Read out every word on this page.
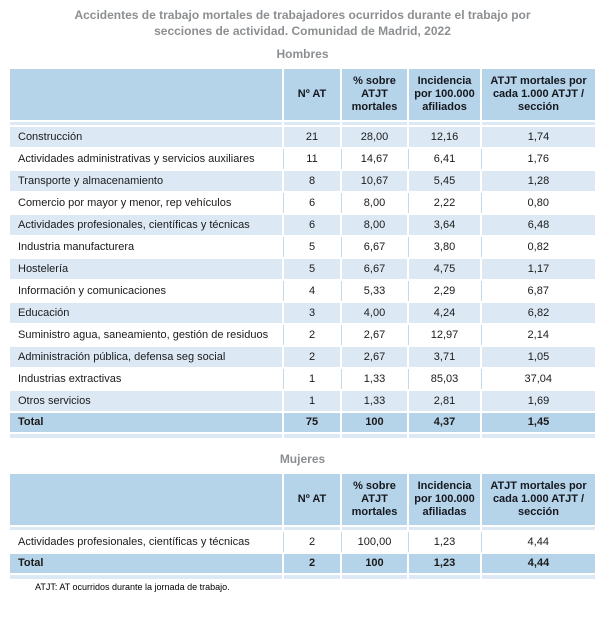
Accidentes de trabajo mortales de trabajadores ocurridos durante el trabajo por
secciones de actividad. Comunidad de Madrid, 2022
Hombres
	Nº AT	% sobre ATJT mortales	Incidencia por 100.000 afiliados	ATJT mortales por cada 1.000 ATJT / sección

Construcción	21	28,00	12,16	1,74
Actividades administrativas y servicios auxiliares	11	14,67	6,41	1,76
Transporte y almacenamiento	8	10,67	5,45	1,28
Comercio por mayor y menor, rep vehículos	6	8,00	2,22	0,80
Actividades profesionales, científicas y técnicas	6	8,00	3,64	6,48
Industria manufacturera	5	6,67	3,80	0,82
Hostelería	5	6,67	4,75	1,17
Información y comunicaciones	4	5,33	2,29	6,87
Educación	3	4,00	4,24	6,82
Suministro agua, saneamiento, gestión de residuos	2	2,67	12,97	2,14
Administración pública, defensa seg social	2	2,67	3,71	1,05
Industrias extractivas	1	1,33	85,03	37,04
Otros servicios	1	1,33	2,81	1,69
Total	75	100	4,37	1,45

Mujeres
	Nº AT	% sobre ATJT mortales	Incidencia por 100.000 afiliadas	ATJT mortales por cada 1.000 ATJT / sección

Actividades profesionales, científicas y técnicas	2	100,00	1,23	4,44
Total	2	100	1,23	4,44

ATJT: AT ocurridos durante la jornada de trabajo.
